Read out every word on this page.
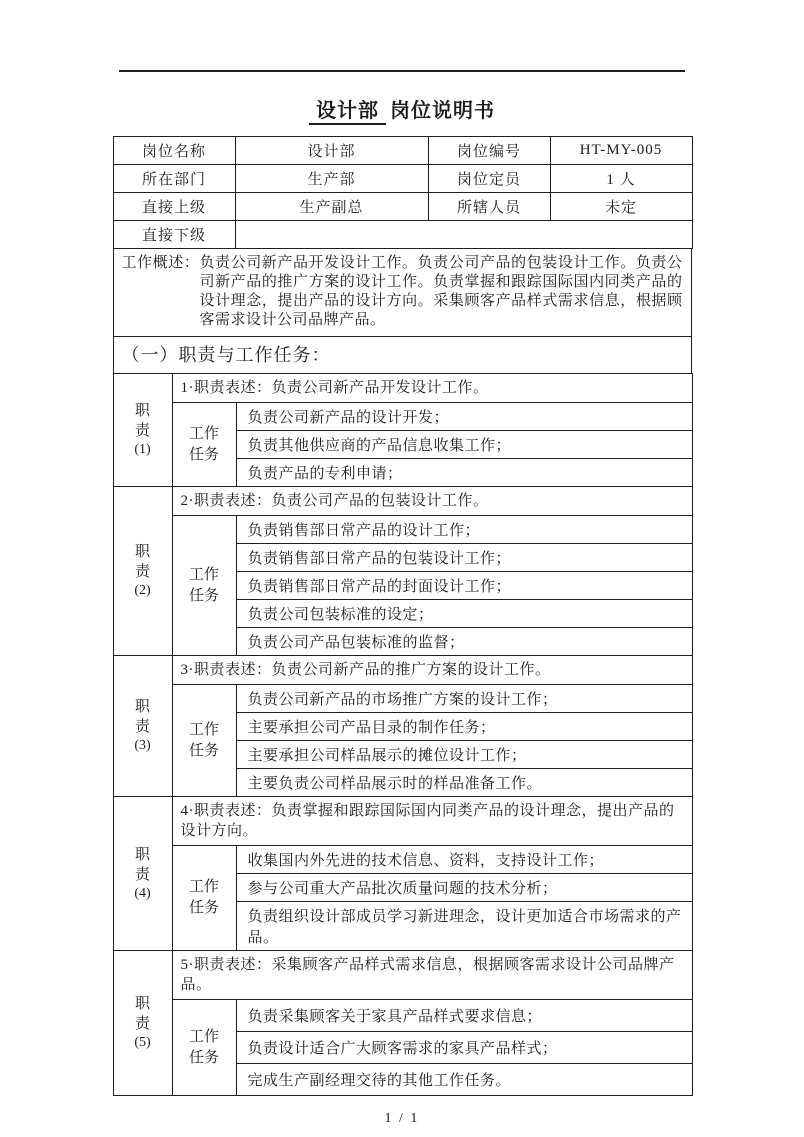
设计部 岗位说明书
岗位名称	设计部	岗位编号	HT-MY-005
所在部门	生产部	岗位定员	1 人
直接上级	生产副总	所辖人员	未定
直接下级			

工作概述：负责公司新产品开发设计工作。负责公司产品的包装设计工作。负责公司新产品的推广方案的设计工作。负责掌握和跟踪国际国内同类产品的设计理念，提出产品的设计方向。采集顾客产品样式需求信息，根据顾客需求设计公司品牌产品。

（一）职责与工作任务：
职责
(1)	1·职责表述：负责公司新产品开发设计工作。	

	工作任务	负责公司新产品的设计开发；
		负责其他供应商的产品信息收集工作；
		负责产品的专利申请；
职责
(2)	2·职责表述：负责公司产品的包装设计工作。	

	工作任务	负责销售部日常产品的设计工作；
		负责销售部日常产品的包装设计工作；
		负责销售部日常产品的封面设计工作；
		负责公司包装标准的设定；
		负责公司产品包装标准的监督；
职责
(3)	3·职责表述：负责公司新产品的推广方案的设计工作。	

	工作任务	负责公司新产品的市场推广方案的设计工作；
		主要承担公司产品目录的制作任务；
		主要承担公司样品展示的摊位设计工作；
		主要负责公司样品展示时的样品准备工作。
职责
(4)	4·职责表述：负责掌握和跟踪国际国内同类产品的设计理念，提出产品的设计方向。	

	工作任务	收集国内外先进的技术信息、资料，支持设计工作；
		参与公司重大产品批次质量问题的技术分析；
		负责组织设计部成员学习新进理念，设计更加适合市场需求的产品。
职责
(5)	5·职责表述：采集顾客产品样式需求信息，根据顾客需求设计公司品牌产品。	

	工作任务	负责采集顾客关于家具产品样式要求信息；
		负责设计适合广大顾客需求的家具产品样式；
		完成生产副经理交待的其他工作任务。
1 / 1
